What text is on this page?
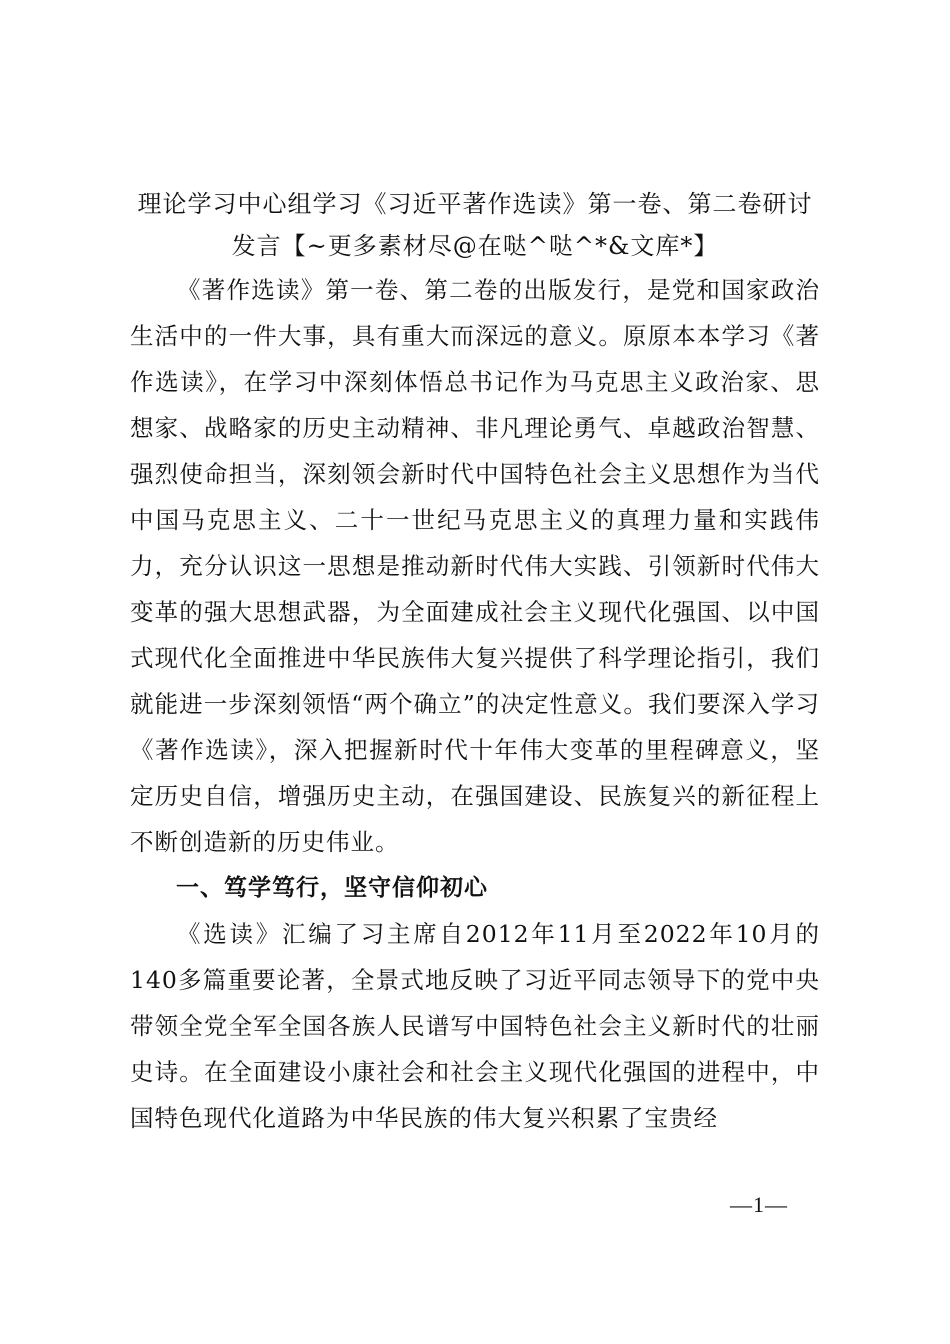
理论学习中心组学习《习近平著作选读》第一卷、第二卷研讨
发言【~更多素材尽@在哒^哒^*&文库*】

《著作选读》第一卷、第二卷的出版发行，是党和国家政治生活中的一件大事，具有重大而深远的意义。原原本本学习《著作选读》，在学习中深刻体悟总书记作为马克思主义政治家、思想家、战略家的历史主动精神、非凡理论勇气、卓越政治智慧、强烈使命担当，深刻领会新时代中国特色社会主义思想作为当代中国马克思主义、二十一世纪马克思主义的真理力量和实践伟力，充分认识这一思想是推动新时代伟大实践、引领新时代伟大变革的强大思想武器，为全面建成社会主义现代化强国、以中国式现代化全面推进中华民族伟大复兴提供了科学理论指引，我们就能进一步深刻领悟“两个确立”的决定性意义。我们要深入学习《著作选读》，深入把握新时代十年伟大变革的里程碑意义，坚定历史自信，增强历史主动，在强国建设、民族复兴的新征程上不断创造新的历史伟业。

一、笃学笃行，坚守信仰初心

《选读》汇编了习主席自2012年11月至2022年10月的140多篇重要论著，全景式地反映了习近平同志领导下的党中央带领全党全军全国各族人民谱写中国特色社会主义新时代的壮丽史诗。在全面建设小康社会和社会主义现代化强国的进程中，中国特色现代化道路为中华民族的伟大复兴积累了宝贵经

—1—
